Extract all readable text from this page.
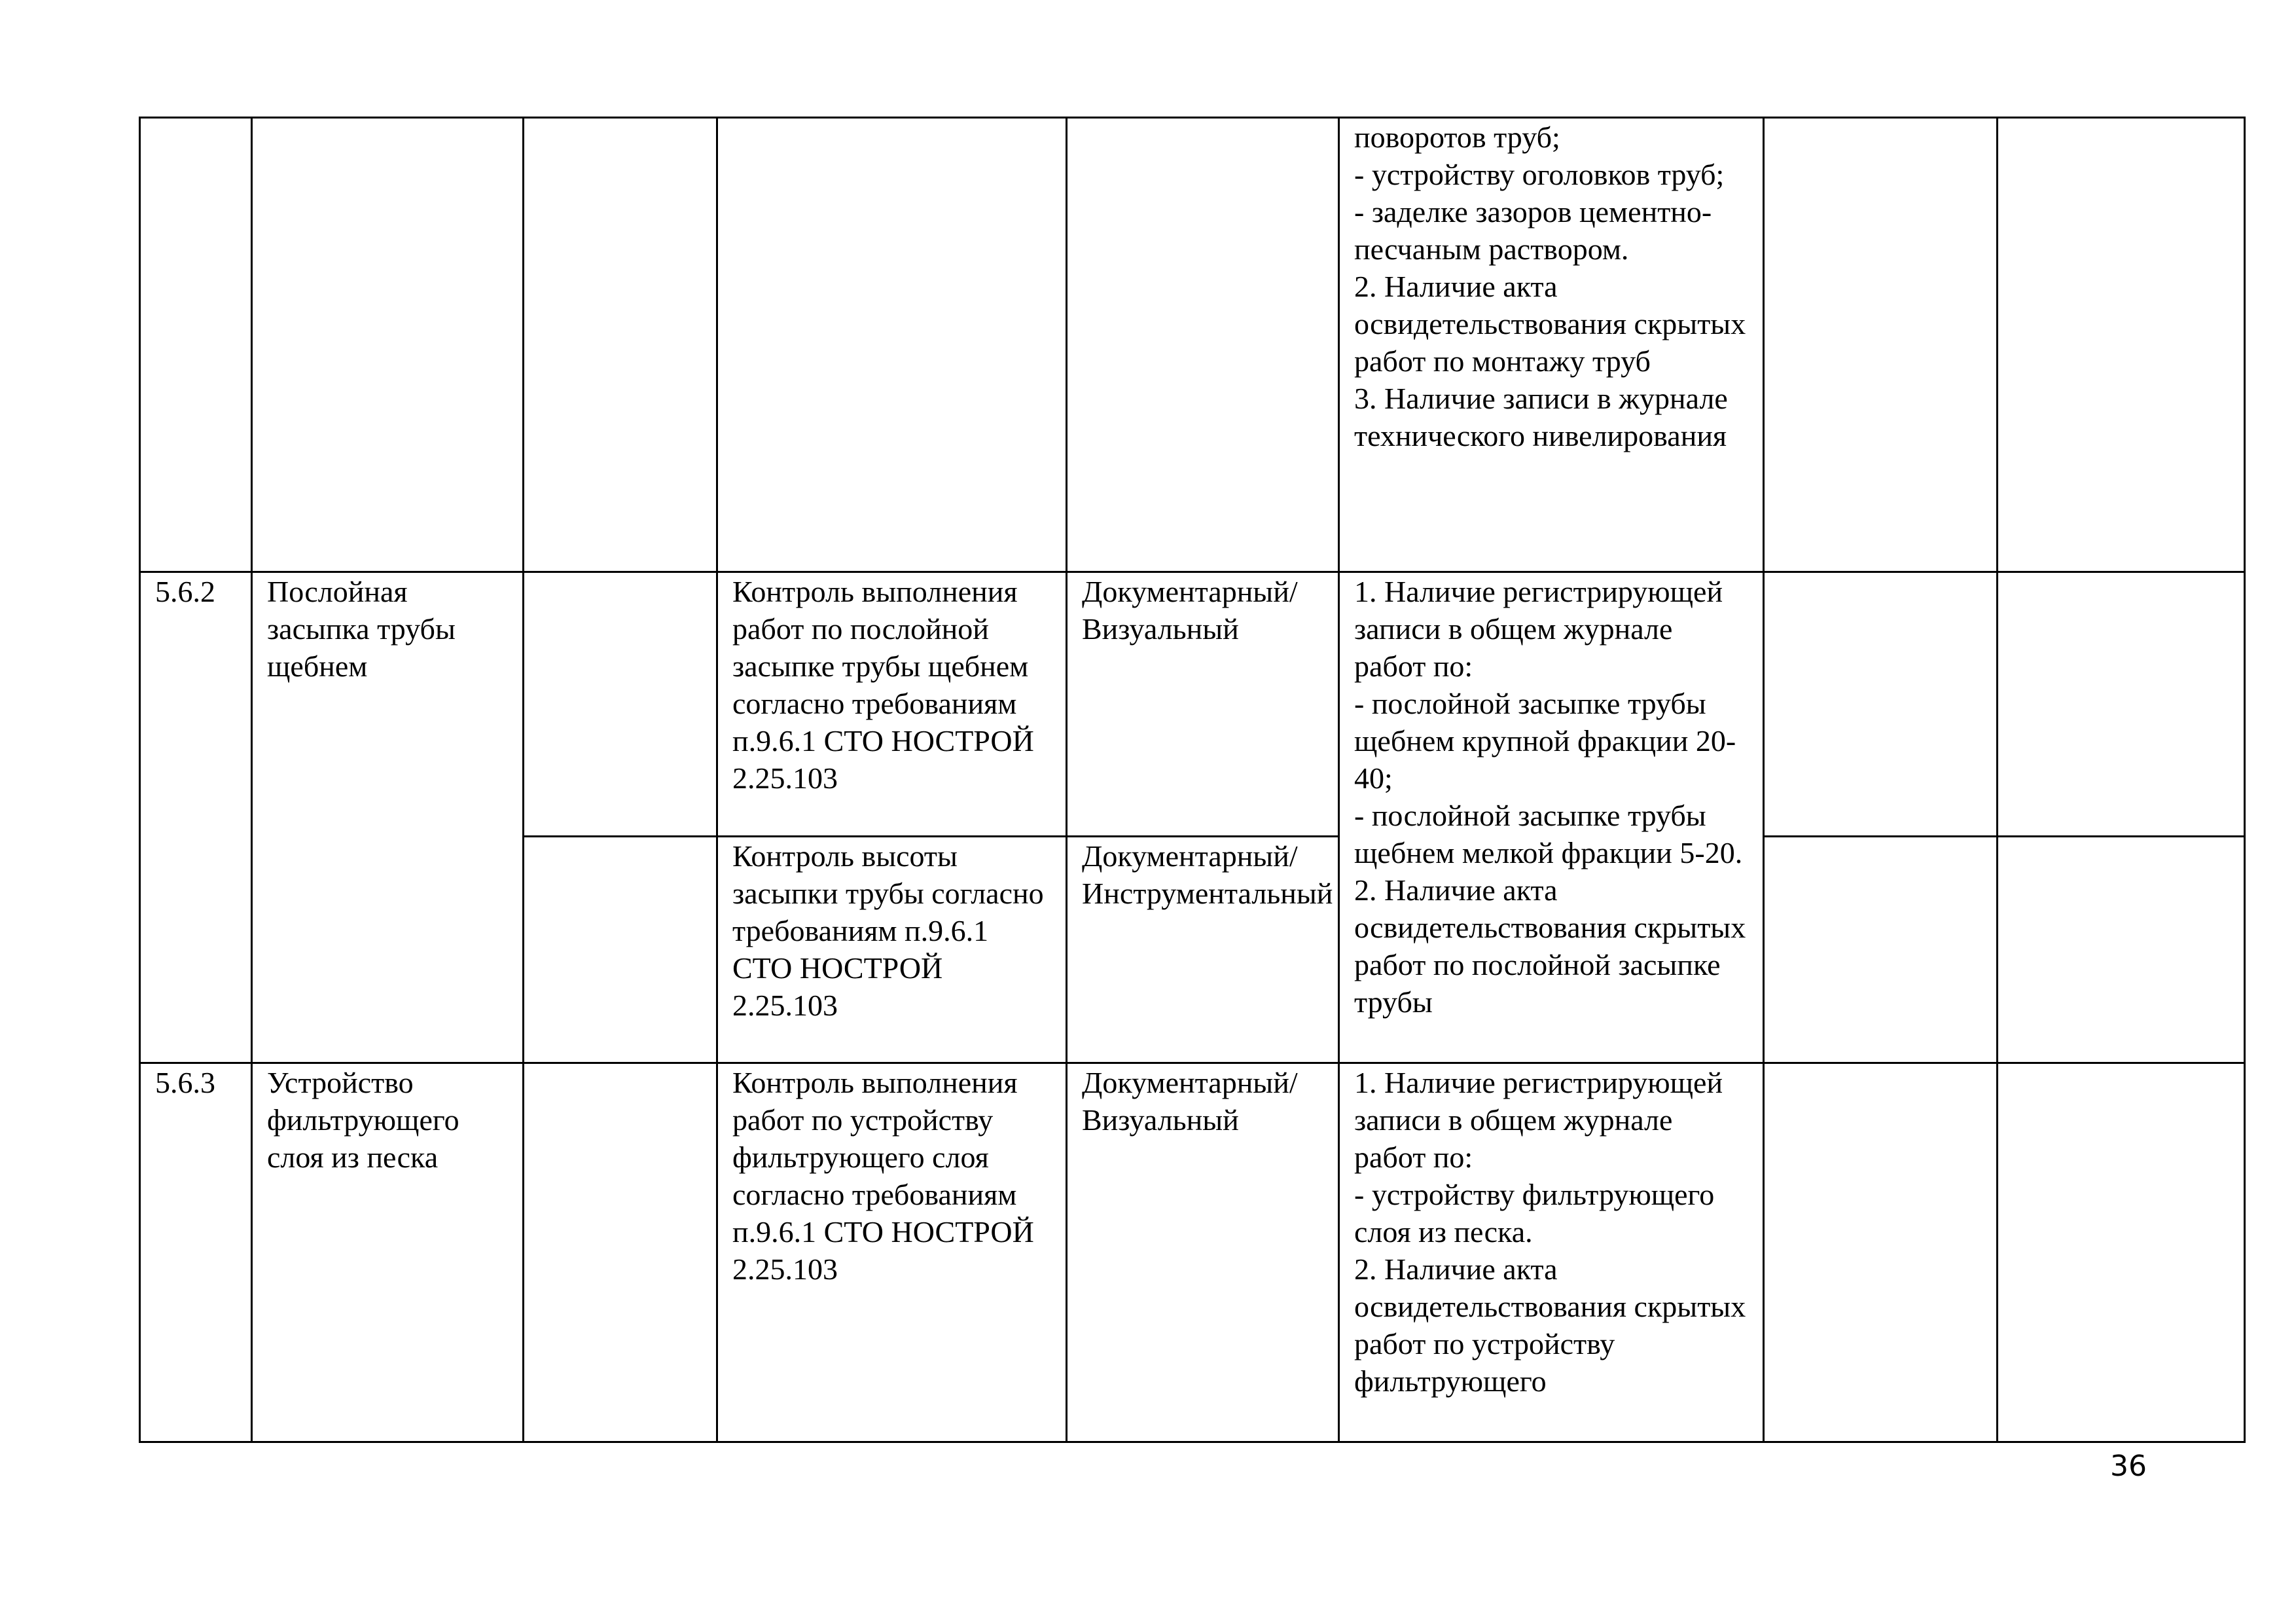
					поворотов труб;
- устройству оголовков труб;
- заделке зазоров цементно-песчаным раствором.
2. Наличие акта освидетельствования скрытых работ по монтажу труб
3. Наличие записи в журнале технического нивелирования		
5.6.2	Послойная засыпка трубы щебнем		Контроль выполнения работ по послойной засыпке трубы щебнем согласно требованиям п.9.6.1 СТО НОСТРОЙ 2.25.103	Документарный/
Визуальный	1. Наличие регистрирующей записи в общем журнале работ по:
- послойной засыпке трубы щебнем крупной фракции 20-40;
- послойной засыпке трубы щебнем мелкой фракции 5-20.
2. Наличие акта освидетельствования скрытых работ по послойной засыпке трубы		
			Контроль высоты засыпки трубы согласно требованиям п.9.6.1 СТО НОСТРОЙ 2.25.103	Документарный/
Инструментальный			
5.6.3	Устройство фильтрующего слоя из песка		Контроль выполнения работ по устройству фильтрующего слоя согласно требованиям п.9.6.1 СТО НОСТРОЙ 2.25.103	Документарный/
Визуальный	1. Наличие регистрирующей записи в общем журнале работ по:
- устройству фильтрующего слоя из песка.
2. Наличие акта освидетельствования скрытых работ по устройству фильтрующего		
36
